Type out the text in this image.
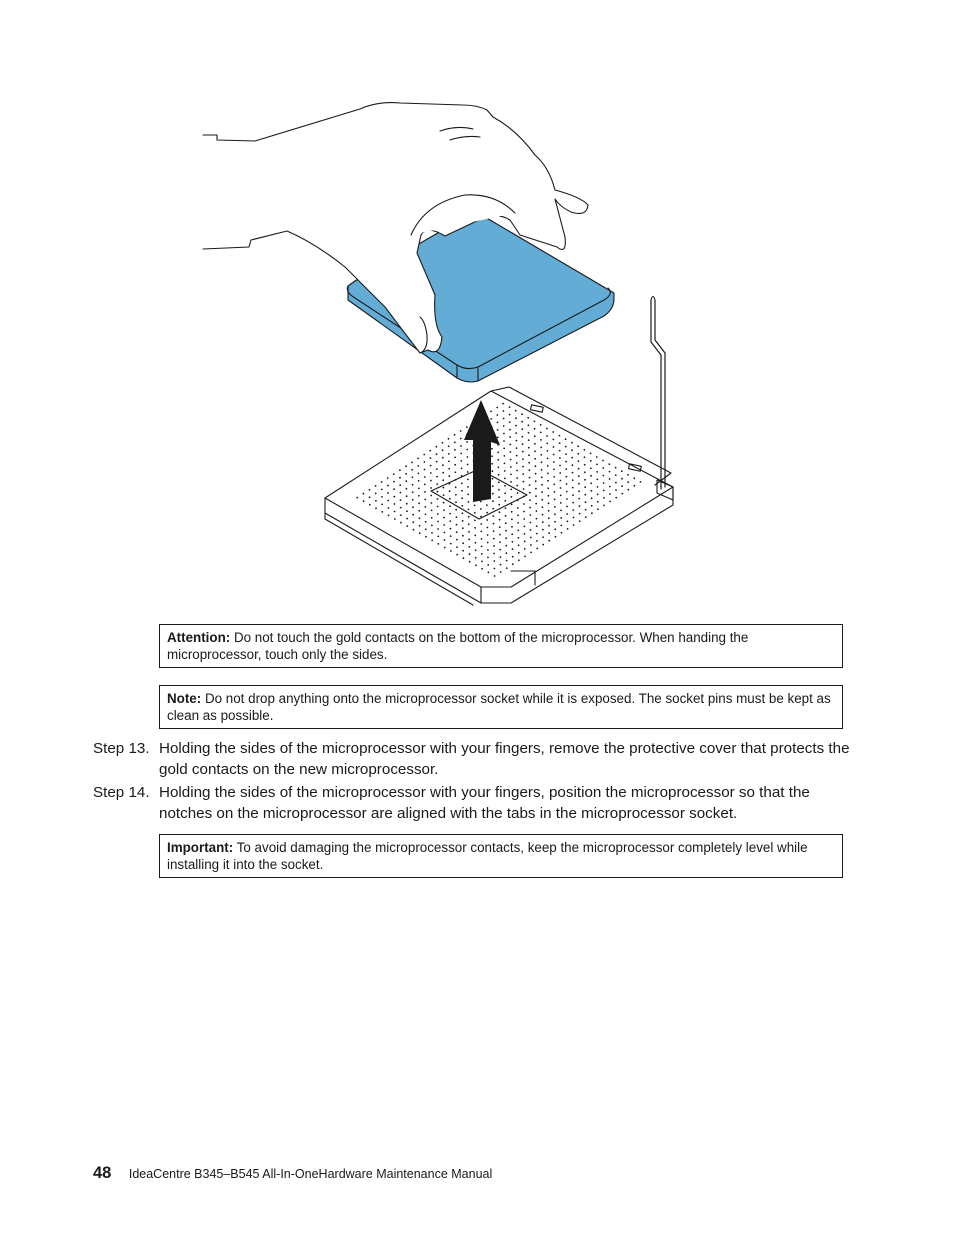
Attention: Do not touch the gold contacts on the bottom of the microprocessor. When handing the microprocessor, touch only the sides.
Note: Do not drop anything onto the microprocessor socket while it is exposed. The socket pins must be kept as clean as possible.
Step 13. Holding the sides of the microprocessor with your fingers, remove the protective cover that protects the gold contacts on the new microprocessor.
Step 14. Holding the sides of the microprocessor with your fingers, position the microprocessor so that the notches on the microprocessor are aligned with the tabs in the microprocessor socket.
Important: To avoid damaging the microprocessor contacts, keep the microprocessor completely level while installing it into the socket.
48 IdeaCentre B345–B545 All-In-OneHardware Maintenance Manual
